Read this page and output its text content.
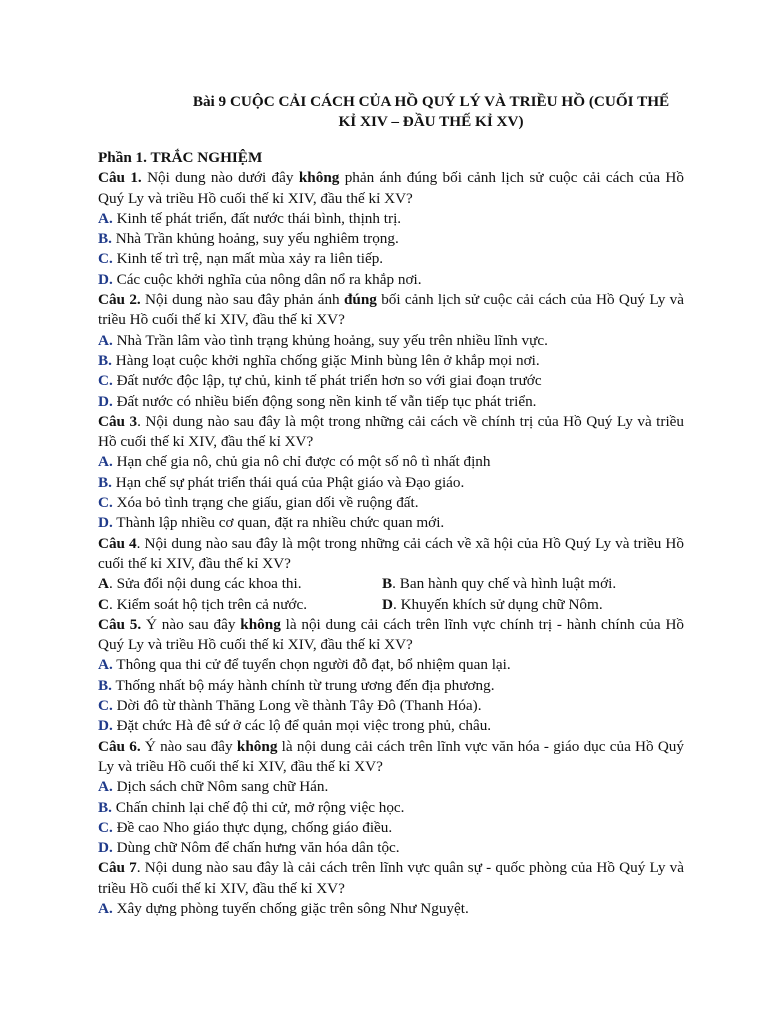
Bài 9 CUỘC CẢI CÁCH CỦA HỒ QUÝ LÝ VÀ TRIỀU HỒ (CUỐI THẾ
KỈ XIV – ĐẦU THẾ KỈ XV)
Phần 1. TRẮC NGHIỆM
Câu 1. Nội dung nào dưới đây không phản ánh đúng bối cảnh lịch sử cuộc cải cách của Hồ Quý Ly và triều Hồ cuối thế kỉ XIV, đầu thế kỉ XV?
A. Kinh tế phát triển, đất nước thái bình, thịnh trị.
B. Nhà Trần khủng hoảng, suy yếu nghiêm trọng.
C. Kinh tế trì trệ, nạn mất mùa xảy ra liên tiếp.
D. Các cuộc khởi nghĩa của nông dân nổ ra khắp nơi.
Câu 2. Nội dung nào sau đây phản ánh đúng bối cảnh lịch sử cuộc cải cách của Hồ Quý Ly và triều Hồ cuối thế kỉ XIV, đầu thế kỉ XV?
A. Nhà Trần lâm vào tình trạng khủng hoảng, suy yếu trên nhiều lĩnh vực.
B. Hàng loạt cuộc khởi nghĩa chống giặc Minh bùng lên ở khắp mọi nơi.
C. Đất nước độc lập, tự chủ, kinh tế phát triển hơn so với giai đoạn trước
D. Đất nước có nhiều biến động song nền kinh tế vẫn tiếp tục phát triển.
Câu 3. Nội dung nào sau đây là một trong những cải cách về chính trị của Hồ Quý Ly và triều Hồ cuối thế kỉ XIV, đầu thế kỉ XV?
A. Hạn chế gia nô, chủ gia nô chỉ được có một số nô tì nhất định
B. Hạn chế sự phát triển thái quá của Phật giáo và Đạo giáo.
C. Xóa bỏ tình trạng che giấu, gian dối về ruộng đất.
D. Thành lập nhiều cơ quan, đặt ra nhiều chức quan mới.
Câu 4. Nội dung nào sau đây là một trong những cải cách về xã hội của Hồ Quý Ly và triều Hồ cuối thế kỉ XIV, đầu thế kỉ XV?
A. Sửa đổi nội dung các khoa thi.	B. Ban hành quy chế và hình luật mới.
C. Kiểm soát hộ tịch trên cả nước.	D. Khuyến khích sử dụng chữ Nôm.
Câu 5. Ý nào sau đây không là nội dung cải cách trên lĩnh vực chính trị - hành chính của Hồ Quý Ly và triều Hồ cuối thế kỉ XIV, đầu thế kỉ XV?
A. Thông qua thi cử để tuyển chọn người đỗ đạt, bổ nhiệm quan lại.
B. Thống nhất bộ máy hành chính từ trung ương đến địa phương.
C. Dời đô từ thành Thăng Long về thành Tây Đô (Thanh Hóa).
D. Đặt chức Hà đê sứ ở các lộ để quản mọi việc trong phủ, châu.
Câu 6. Ý nào sau đây không là nội dung cải cách trên lĩnh vực văn hóa - giáo dục của Hồ Quý Ly và triều Hồ cuối thế kỉ XIV, đầu thế kỉ XV?
A. Dịch sách chữ Nôm sang chữ Hán.
B. Chấn chỉnh lại chế độ thi cử, mở rộng việc học.
C. Đề cao Nho giáo thực dụng, chống giáo điều.
D. Dùng chữ Nôm để chấn hưng văn hóa dân tộc.
Câu 7. Nội dung nào sau đây là cải cách trên lĩnh vực quân sự - quốc phòng của Hồ Quý Ly và triều Hồ cuối thế kỉ XIV, đầu thế kỉ XV?
A. Xây dựng phòng tuyến chống giặc trên sông Như Nguyệt.
